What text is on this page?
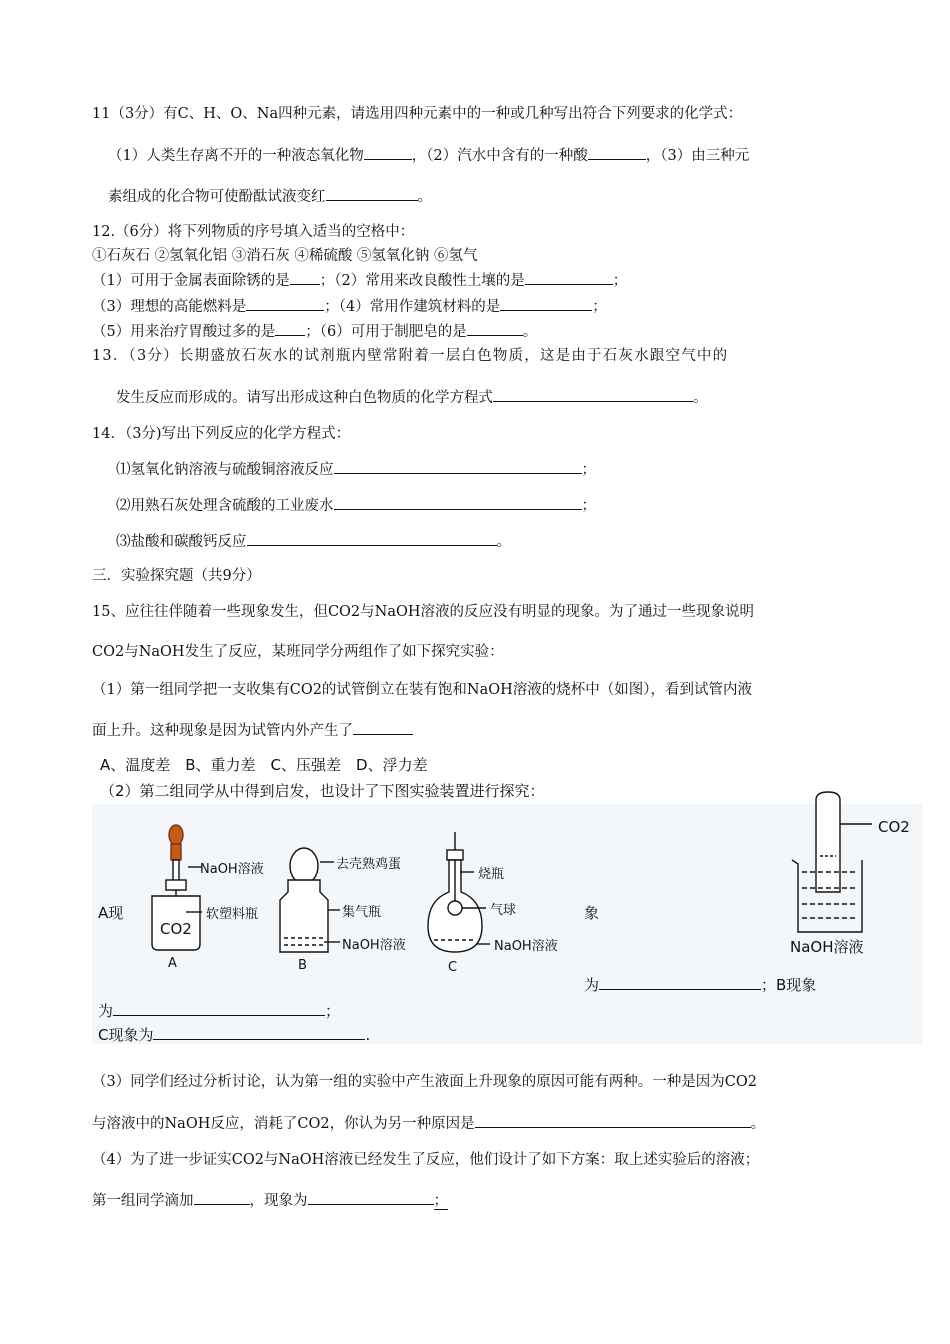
11（3分）有C、H、O、Na四种元素，请选用四种元素中的一种或几种写出符合下列要求的化学式：
（1）人类生存离不开的一种液态氧化物	，（2）汽水中含有的一种酸	，（3）由三种元
素组成的化合物可使酚酞试液变红	。
12.（6分）将下列物质的序号填入适当的空格中：
①石灰石 ②氢氧化铝 ③消石灰 ④稀硫酸 ⑤氢氧化钠 ⑥氢气
（1）可用于金属表面除锈的是 ；（2）常用来改良酸性土壤的是	；
（3）理想的高能燃料是	；（4）常用作建筑材料的是	；
（5）用来治疗胃酸过多的是 ；（6）可用于制肥皂的是	。
13．（3分）长期盛放石灰水的试剂瓶内壁常附着一层白色物质，这是由于石灰水跟空气中的
发生反应而形成的。请写出形成这种白色物质的化学方程式	。
14．（3分)写出下列反应的化学方程式：
⑴氢氧化钠溶液与硫酸铜溶液反应	；
⑵用熟石灰处理含硫酸的工业废水	；
⑶盐酸和碳酸钙反应	。
三．实验探究题（共9分）
15、应往往伴随着一些现象发生，但CO2与NaOH溶液的反应没有明显的现象。为了通过一些现象说明
CO2与NaOH发生了反应，某班同学分两组作了如下探究实验：
（1）第一组同学把一支收集有CO2的试管倒立在装有饱和NaOH溶液的烧杯中（如图），看到试管内液
面上升。这种现象是因为试管内外产生了
A、温度差　B、重力差　C、压强差　D、浮力差
（2）第二组同学从中得到启发，也设计了下图实验装置进行探究：
NaOH溶液
软塑料瓶
CO2
A
去壳熟鸡蛋
集气瓶
NaOH溶液
B
烧瓶
气球
NaOH溶液
C
CO2
NaOH溶液
A现	象
为	；B现象
为	；
C现象为	.
（3）同学们经过分析讨论，认为第一组的实验中产生液面上升现象的原因可能有两种。一种是因为CO2
与溶液中的NaOH反应，消耗了CO2，你认为另一种原因是	。
（4）为了进一步证实CO2与NaOH溶液已经发生了反应，他们设计了如下方案：取上述实验后的溶液；
第一组同学滴加	，现象为	；
